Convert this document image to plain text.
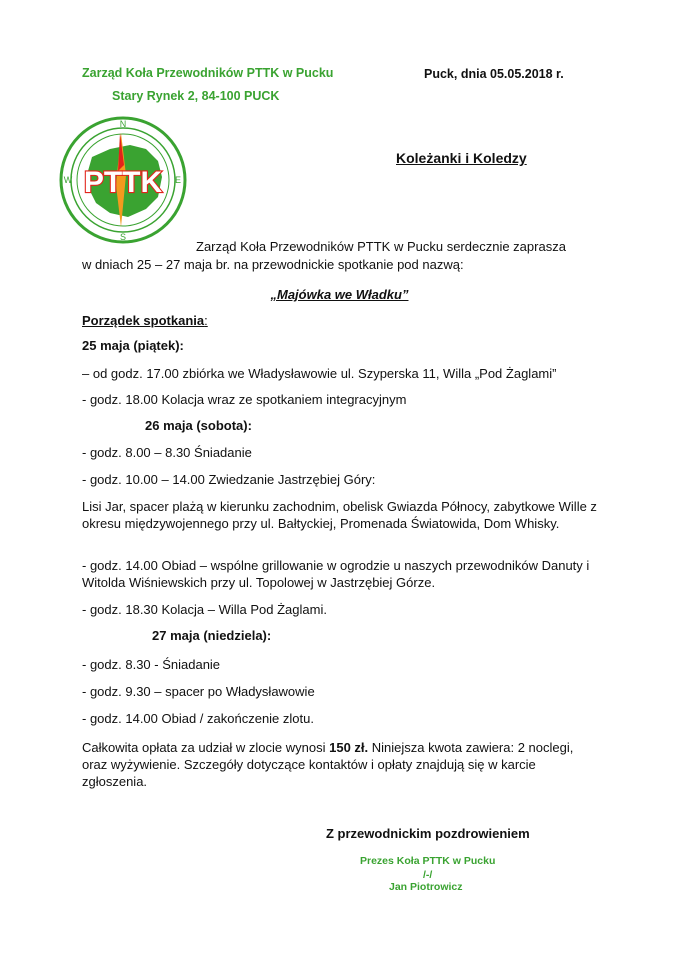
Zarząd Koła Przewodników PTTK w Pucku
Stary Rynek 2, 84-100 PUCK
Puck, dnia 05.05.2018 r.
N
S
E
W PTTK
Koleżanki i Koledzy
Zarząd Koła Przewodników PTTK w Pucku serdecznie zaprasza
w dniach 25 – 27 maja br. na przewodnickie spotkanie pod nazwą:
„Majówka we Władku”
Porządek spotkania:
25 maja (piątek):
– od godz. 17.00 zbiórka we Władysławowie ul. Szyperska 11, Willa „Pod Żaglami”
- godz. 18.00 Kolacja wraz ze spotkaniem integracyjnym
26 maja (sobota):
- godz. 8.00 – 8.30 Śniadanie
- godz. 10.00 – 14.00 Zwiedzanie Jastrzębiej Góry:
Lisi Jar, spacer plażą w kierunku zachodnim, obelisk Gwiazda Północy, zabytkowe Wille z okresu międzywojennego przy ul. Bałtyckiej, Promenada Światowida, Dom Whisky.
- godz. 14.00 Obiad – wspólne grillowanie w ogrodzie u naszych przewodników Danuty i Witolda Wiśniewskich przy ul. Topolowej w Jastrzębiej Górze.
- godz. 18.30 Kolacja – Willa Pod Żaglami.
27 maja (niedziela):
- godz. 8.30 - Śniadanie
- godz. 9.30 – spacer po Władysławowie
- godz. 14.00 Obiad / zakończenie zlotu.
Całkowita opłata za udział w zlocie wynosi 150 zł. Niniejsza kwota zawiera: 2 noclegi, oraz wyżywienie. Szczegóły dotyczące kontaktów i opłaty znajdują się w karcie zgłoszenia.
Z przewodnickim pozdrowieniem
Prezes Koła PTTK w Pucku
/-/
Jan Piotrowicz
